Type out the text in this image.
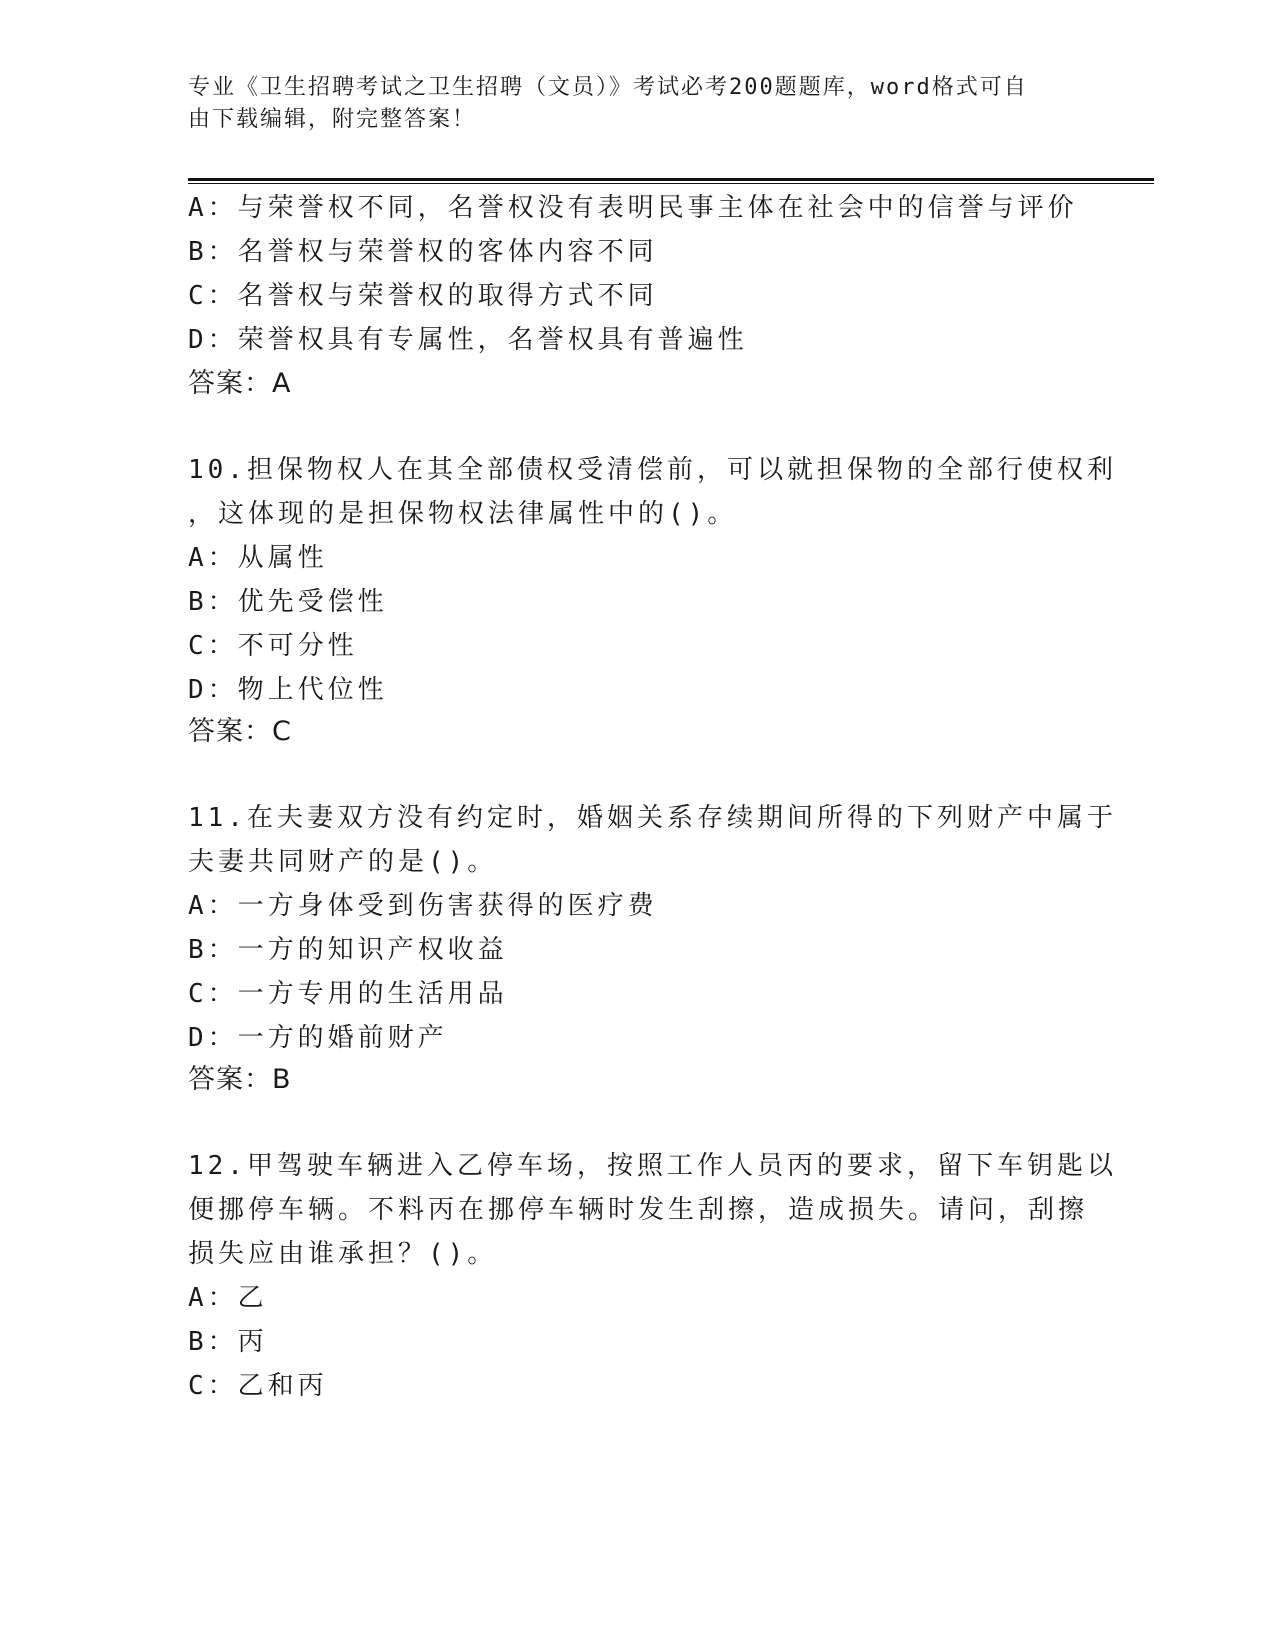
专业《卫生招聘考试之卫生招聘（文员）》考试必考200题题库，word格式可自
由下载编辑，附完整答案！
A：与荣誉权不同，名誉权没有表明民事主体在社会中的信誉与评价
B：名誉权与荣誉权的客体内容不同
C：名誉权与荣誉权的取得方式不同
D：荣誉权具有专属性，名誉权具有普遍性
答案：A
10.担保物权人在其全部债权受清偿前，可以就担保物的全部行使权利
，这体现的是担保物权法律属性中的()。
A：从属性
B：优先受偿性
C：不可分性
D：物上代位性
答案：C
11.在夫妻双方没有约定时，婚姻关系存续期间所得的下列财产中属于
夫妻共同财产的是()。
A：一方身体受到伤害获得的医疗费
B：一方的知识产权收益
C：一方专用的生活用品
D：一方的婚前财产
答案：B
12.甲驾驶车辆进入乙停车场，按照工作人员丙的要求，留下车钥匙以
便挪停车辆。不料丙在挪停车辆时发生刮擦，造成损失。请问，刮擦
损失应由谁承担？()。
A：乙
B：丙
C：乙和丙
